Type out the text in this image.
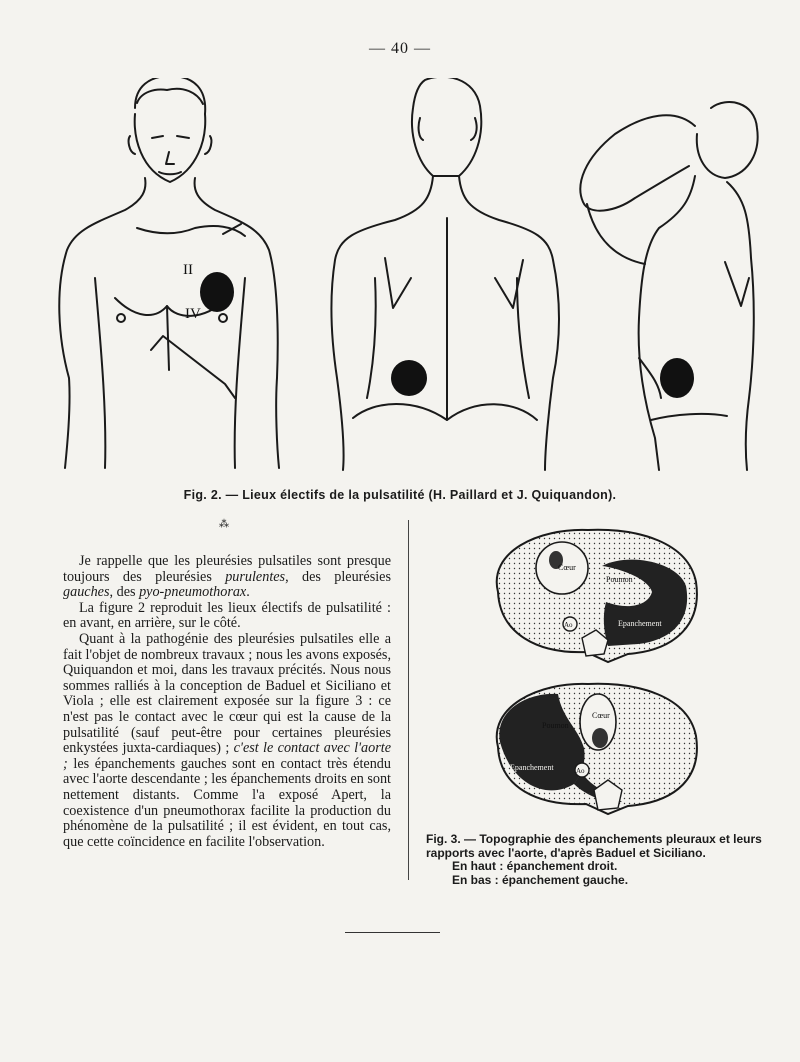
— 40 —
II
IV
Fig. 2. — Lieux électifs de la pulsatilité (H. Paillard et J. Quiquandon).
⁂

Je rappelle que les pleurésies pulsatiles sont presque toujours des pleurésies purulentes, des pleurésies gauches, des pyo-pneumothorax.

La figure 2 reproduit les lieux électifs de pulsatilité : en avant, en arrière, sur le côté.

Quant à la pathogénie des pleurésies pulsatiles elle a fait l'objet de nombreux travaux ; nous les avons exposés, Quiquandon et moi, dans les travaux précités. Nous nous sommes ralliés à la conception de Baduel et Siciliano et Viola ; elle est clairement exposée sur la figure 3 : ce n'est pas le contact avec le cœur qui est la cause de la pulsatilité (sauf peut-être pour certaines pleurésies enkystées juxta-cardiaques) ; c'est le contact avec l'aorte ; les épanchements gauches sont en contact très étendu avec l'aorte descendante ; les épanchements droits en sont nettement distants. Comme l'a exposé Apert, la coexistence d'un pneumothorax facilite la production du phénomène de la pulsatilité ; il est évident, en tout cas, que cette coïncidence en facilite l'observation.

Cœur
Poumon
Epanchement
Ao
Cœur
Poumon
Epanchement	Ao
Fig. 3. — Topographie des épanchements pleuraux et leurs rapports avec l'aorte, d'après Baduel et Siciliano.
En haut : épanchement droit.
En bas : épanchement gauche.
